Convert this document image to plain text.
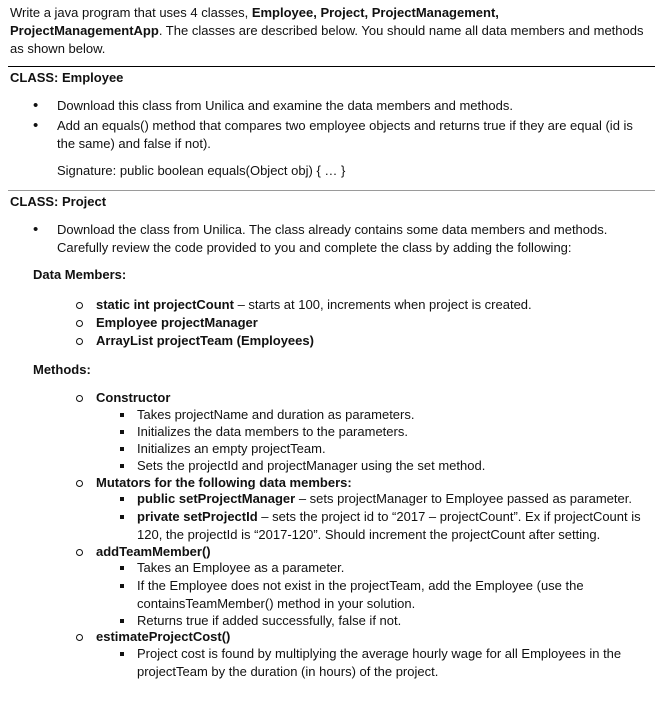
Write a java program that uses 4 classes, Employee, Project, ProjectManagement,
ProjectManagementApp. The classes are described below. You should name all data members and methods as shown below.
CLASS: Employee
• Download this class from Unilica and examine the data members and methods.
• Add an equals() method that compares two employee objects and returns true if they are equal (id is the same) and false if not).
Signature: public boolean equals(Object obj) { … }
CLASS: Project
• Download the class from Unilica. The class already contains some data members and methods. Carefully review the code provided to you and complete the class by adding the following:
Data Members:
static int projectCount – starts at 100, increments when project is created.
Employee projectManager
ArrayList projectTeam (Employees)
Methods:
Constructor
Takes projectName and duration as parameters.
Initializes the data members to the parameters.
Initializes an empty projectTeam.
Sets the projectId and projectManager using the set method.
Mutators for the following data members:
public setProjectManager – sets projectManager to Employee passed as parameter.
private setProjectId – sets the project id to “2017 – projectCount”. Ex if projectCount is
120, the projectId is “2017-120”. Should increment the projectCount after setting.
addTeamMember()
Takes an Employee as a parameter.
If the Employee does not exist in the projectTeam, add the Employee (use the
containsTeamMember() method in your solution.
Returns true if added successfully, false if not.
estimateProjectCost()
Project cost is found by multiplying the average hourly wage for all Employees in the
projectTeam by the duration (in hours) of the project.
